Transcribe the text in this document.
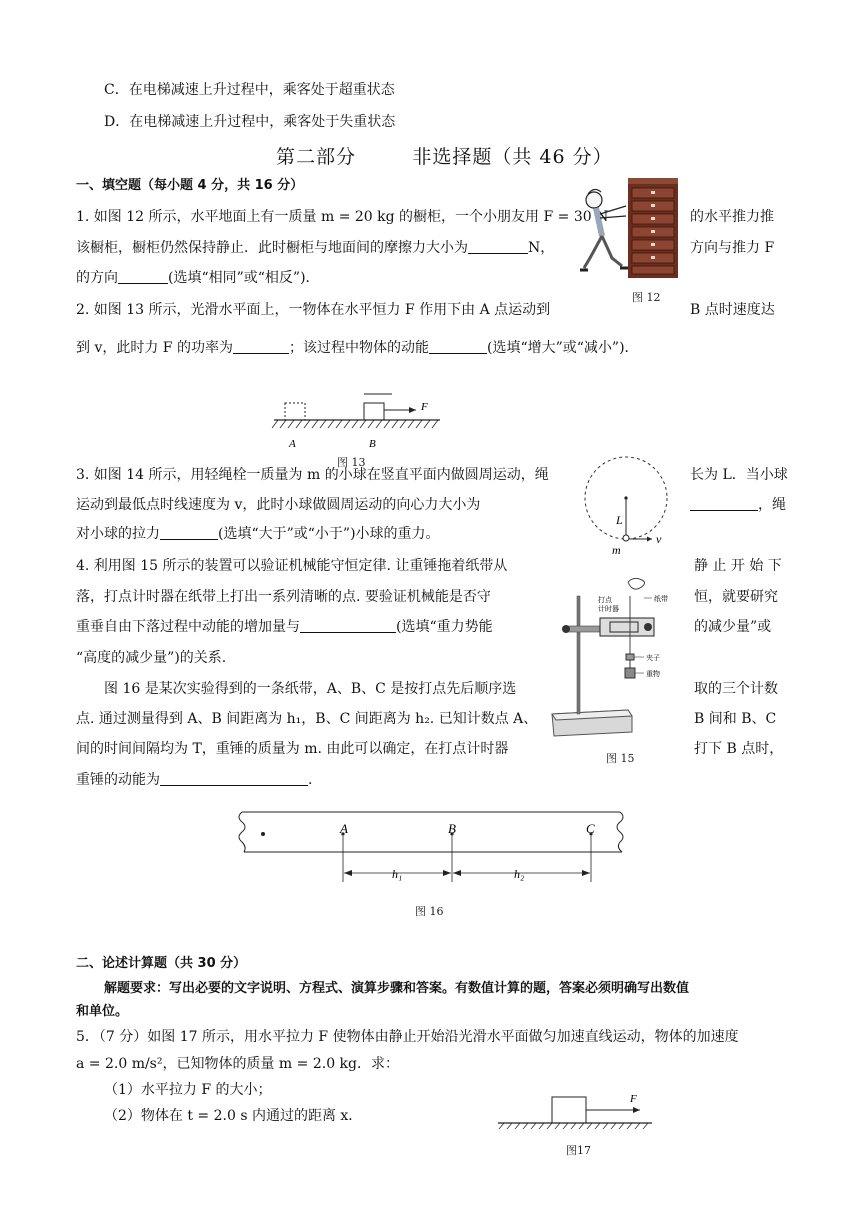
C．在电梯减速上升过程中，乘客处于超重状态
D．在电梯减速上升过程中，乘客处于失重状态
第二部分        非选择题（共 46 分）
一、填空题（每小题 4 分，共 16 分）
1. 如图 12 所示，水平地面上有一质量 m = 20 kg 的橱柜，一个小朋友用 F = 30 N	的水平推力推
该橱柜，橱柜仍然保持静止．此时橱柜与地面间的摩擦力大小为	N，	方向与推力 F
的方向	(选填“相同”或“相反”)．
图 12
2. 如图 13 所示，光滑水平面上，一物体在水平恒力 F 作用下由 A 点运动到	B 点时速度达
到 v，此时力 F 的功率为	；该过程中物体的动能	(选填“增大”或“减小”)．
F
A	B
图 13
3. 如图 14 所示，用轻绳栓一质量为 m 的小球在竖直平面内做圆周运动，绳	长为 L．当小球
运动到最低点时线速度为 v，此时小球做圆周运动的向心力大小为	，绳
对小球的拉力	(选填“大于”或“小于”)小球的重力。
L
m
v
4. 利用图 15 所示的装置可以验证机械能守恒定律. 让重锤拖着纸带从	静 止 开 始 下
落，打点计时器在纸带上打出一系列清晰的点. 要验证机械能是否守	恒，就要研究
重垂自由下落过程中动能的增加量与	(选填“重力势能	的减少量”或
“高度的减少量”)的关系.
图 16 是某次实验得到的一条纸带，A、B、C 是按打点先后顺序选	取的三个计数
点. 通过测量得到 A、B 间距离为 h₁，B、C 间距离为 h₂. 已知计数点 A、	B 间和 B、C
间的时间间隔均为 T，重锤的质量为 m. 由此可以确定，在打点计时器	打下 B 点时，
重锤的动能为	.
打点
计时器
纸带
夹子
重物
图 15
A	B	C
h₁	h₂
图 16
二、论述计算题（共 30 分）
解题要求：写出必要的文字说明、方程式、演算步骤和答案。有数值计算的题，答案必须明确写出数值
和单位。
5．（7 分）如图 17 所示，用水平拉力 F 使物体由静止开始沿光滑水平面做匀加速直线运动，物体的加速度
a = 2.0 m/s²，已知物体的质量 m = 2.0 kg．求：
（1）水平拉力 F 的大小；
（2）物体在 t = 2.0 s 内通过的距离 x．
F
图17
